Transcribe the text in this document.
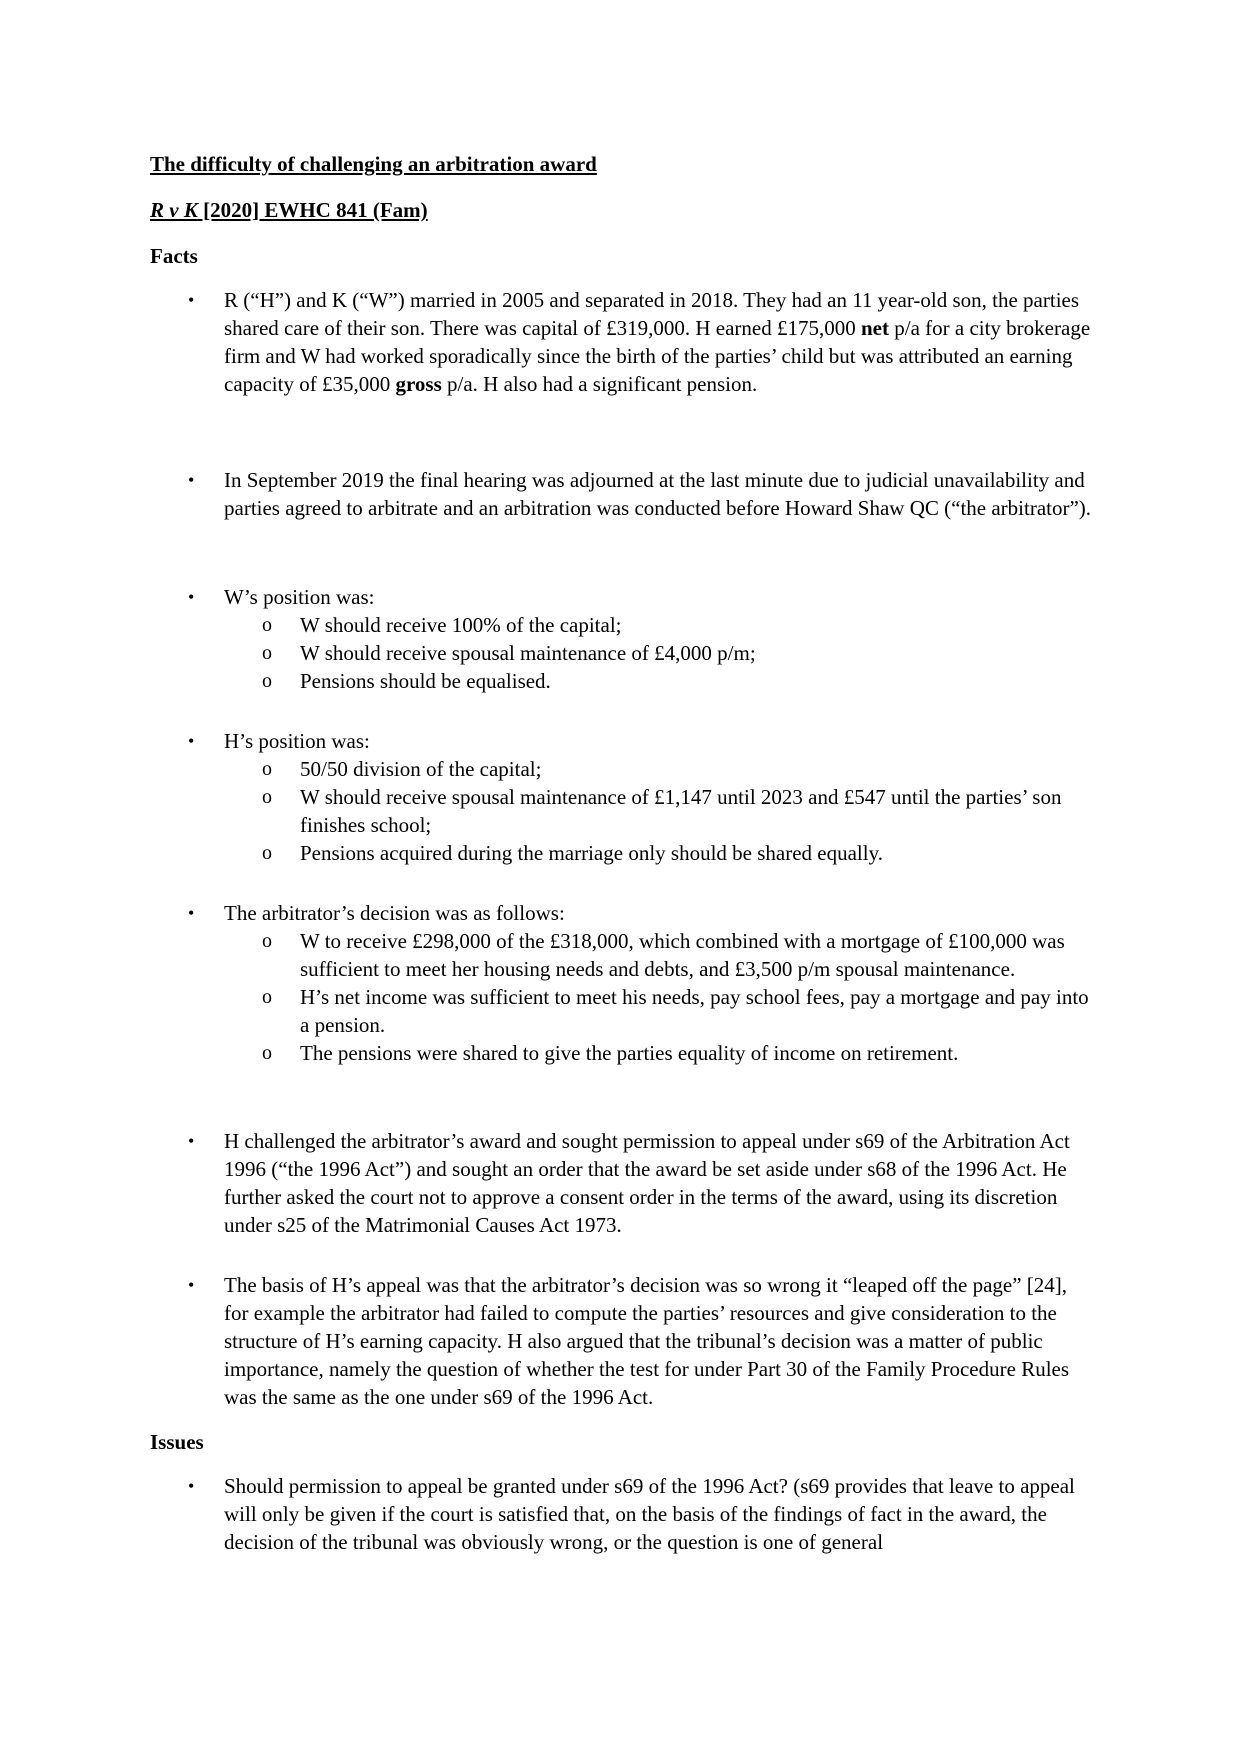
The difficulty of challenging an arbitration award
R v K [2020] EWHC 841 (Fam)
Facts
• R (“H”) and K (“W”) married in 2005 and separated in 2018. They had an 11 year-old son, the parties shared care of their son. There was capital of £319,000. H earned £175,000 net p/a for a city brokerage firm and W had worked sporadically since the birth of the parties’ child but was attributed an earning capacity of £35,000 gross p/a. H also had a significant pension.
• In September 2019 the final hearing was adjourned at the last minute due to judicial unavailability and parties agreed to arbitrate and an arbitration was conducted before Howard Shaw QC (“the arbitrator”).
• W’s position was:
o W should receive 100% of the capital;
o W should receive spousal maintenance of £4,000 p/m;
o Pensions should be equalised.
• H’s position was:
o 50/50 division of the capital;
o W should receive spousal maintenance of £1,147 until 2023 and £547 until the parties’ son finishes school;
o Pensions acquired during the marriage only should be shared equally.
• The arbitrator’s decision was as follows:
o W to receive £298,000 of the £318,000, which combined with a mortgage of £100,000 was sufficient to meet her housing needs and debts, and £3,500 p/m spousal maintenance.
o H’s net income was sufficient to meet his needs, pay school fees, pay a mortgage and pay into a pension.
o The pensions were shared to give the parties equality of income on retirement.
• H challenged the arbitrator’s award and sought permission to appeal under s69 of the Arbitration Act 1996 (“the 1996 Act”) and sought an order that the award be set aside under s68 of the 1996 Act. He further asked the court not to approve a consent order in the terms of the award, using its discretion under s25 of the Matrimonial Causes Act 1973.
• The basis of H’s appeal was that the arbitrator’s decision was so wrong it “leaped off the page” [24], for example the arbitrator had failed to compute the parties’ resources and give consideration to the structure of H’s earning capacity. H also argued that the tribunal’s decision was a matter of public importance, namely the question of whether the test for under Part 30 of the Family Procedure Rules was the same as the one under s69 of the 1996 Act.
Issues
• Should permission to appeal be granted under s69 of the 1996 Act? (s69 provides that leave to appeal will only be given if the court is satisfied that, on the basis of the findings of fact in the award, the decision of the tribunal was obviously wrong, or the question is one of general
